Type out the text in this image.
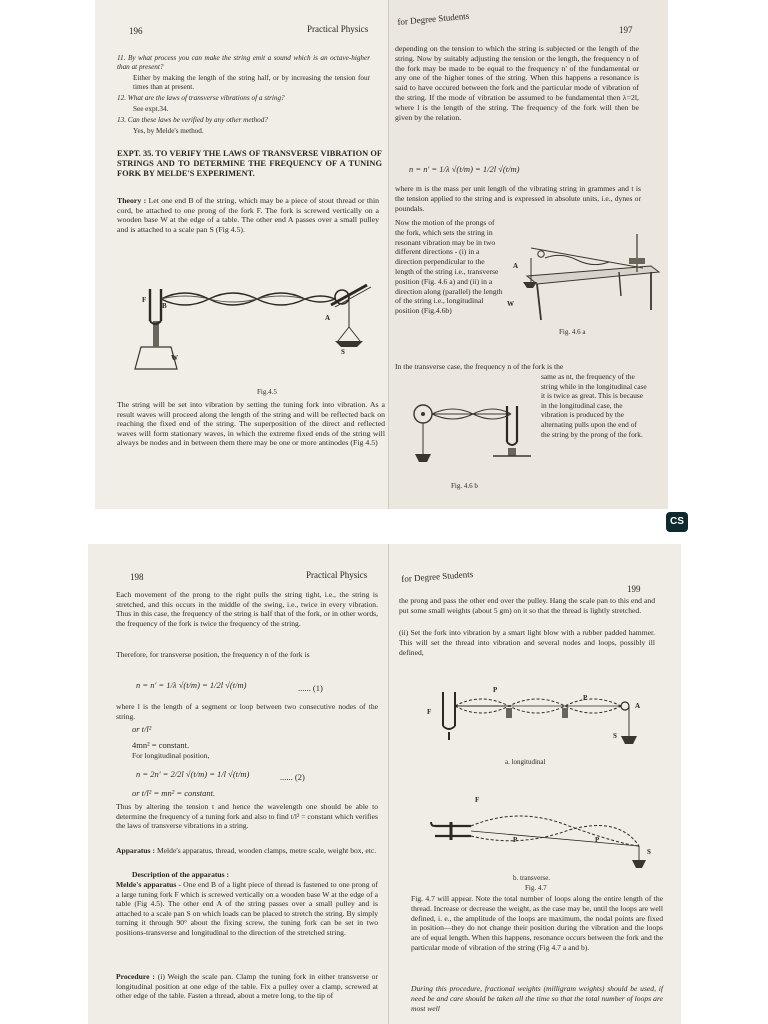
196	Practical Physics
11. By what process you can make the string emit a sound which is an octave-higher than at present?
Either by making the length of the string half, or by increasing the tension four times than at present.
12. What are the laws of transverse vibrations of a string?
See expt.34.
13. Can these laws be verified by any other method?
Yes, by Melde's method.
EXPT. 35. TO VERIFY THE LAWS OF TRANSVERSE VIBRATION OF STRINGS AND TO DETERMINE THE FREQUENCY OF A TUNING FORK BY MELDE'S EXPERIMENT.
Theory : Let one end B of the string, which may be a piece of stout thread or thin cord, be attached to one prong of the fork F. The fork is screwed vertically on a wooden base W at the edge of a table. The other end A passes over a small pulley and is attached to a scale pan S (Fig 4.5).
F
B
A
W
S
Fig.4.5
The string will be set into vibration by setting the tuning fork into vibration. As a result waves will proceed along the length of the string and will be reflected back on reaching the fixed end of the string. The superposition of the direct and reflected waves will form stationary waves, in which the extreme fixed ends of the string will always be nodes and in between them there may be one or more antinodes (Fig 4.5)
for Degree Students
197
depending on the tension to which the string is subjected or the length of the string. Now by suitably adjusting the tension or the length, the frequency n of the fork may be made to be equal to the frequency n' of the fundamental or any one of the higher tones of the string. When this happens a resonance is said to have occured between the fork and the particular mode of vibration of the string. If the mode of vibration be assumed to be fundamental then λ=2l, where l is the length of the string. The frequency of the fork will then be given by the relation.
n = n' = 1/λ √(t/m) = 1/2l √(t/m)
where m is the mass per unit length of the vibrating string in grammes and t is the tension applied to the string and is expressed in absolute units, i.e., dynes or poundals.
Now the motion of the prongs of the fork, which sets the string in resonant vibration may be in two different directions - (i) in a direction perpendicular to the length of the string i.e., transverse position (Fig. 4.6 a) and (ii) in a direction along (parallel) the length of the string i.e., longitudinal position (Fig.4.6b)
A
W
Fig. 4.6 a
In the transverse case, the frequency n of the fork is the
same as nt, the frequency of the string while in the longitudinal case it is twice as great. This is because in the longitudinal case, the vibration is produced by the alternating pulls upon the end of the string by the prong of the fork.
Fig. 4.6 b
CS
198	Practical Physics
Each movement of the prong to the right pulls the string tight, i.e., the string is stretched, and this occurs in the middle of the swing, i.e., twice in every vibration. Thus in this case, the frequency of the string is half that of the fork, or in other words, the frequency of the fork is twice the frequency of the string.
Therefore, for transverse position, the frequency n of the fork is
n = n' = 1/λ √(t/m) = 1/2l √(t/m)	...... (1)
where l is the length of a segment or loop between two consecutive nodes of the string.
or t/l²
4mn² = constant.
For longitudinal position,
n = 2n' = 2/2l √(t/m) = 1/l √(t/m)	...... (2)
or t/l² = mn² = constant.
Thus by altering the tension t and hence the wavelength one should be able to determine the frequency of a tuning fork and also to find t/l² = constant which verifies the laws of transverse vibrations in a string.
Apparatus : Melde's apparatus, thread, wooden clamps, metre scale, weight box, etc.
Description of the apparatus :
Melde's apparatus - One end B of a light piece of thread is fastened to one prong of a large tuning fork F which is screwed vertically on a wooden base W at the edge of a table (Fig 4.5). The other end A of the string passes over a small pulley and is attached to a scale pan S on which loads can be placed to stretch the string. By simply turning it through 90° about the fixing screw, the tuning fork can be set in two positions-transverse and longitudinal to the direction of the stretched string.
Procedure : (i) Weigh the scale pan. Clamp the tuning fork in either transverse or longitudinal position at one edge of the table. Fix a pulley over a clamp, screwed at other edge of the table. Fasten a thread, about a metre long, to the tip of
for Degree Students
199
the prong and pass the other end over the pulley. Hang the scale pan to this end and put some small weights (about 5 gm) on it so that the thread is lightly stretched.
(ii) Set the fork into vibration by a smart light blow with a rubber padded hammer. This will set the thread into vibration and several nodes and loops, possibly ill defined,
F
P
P
A
S
a. longitudinal
F
P	P
S
b. transverse.
Fig. 4.7
Fig. 4.7 will appear. Note the total number of loops along the entire length of the thread. Increase or decrease the weight, as the case may be, until the loops are well defined, i. e., the amplitude of the loops are maximum, the nodal points are fixed in position—they do not change their position during the vibration and the loops are of equal length. When this happens, resonance occurs between the fork and the particular mode of vibration of the string (Fig 4.7 a and b).
During this procedure, fractional weights (milligram weights) should be used, if need be and care should be taken all the time so that the total number of loops are most well
